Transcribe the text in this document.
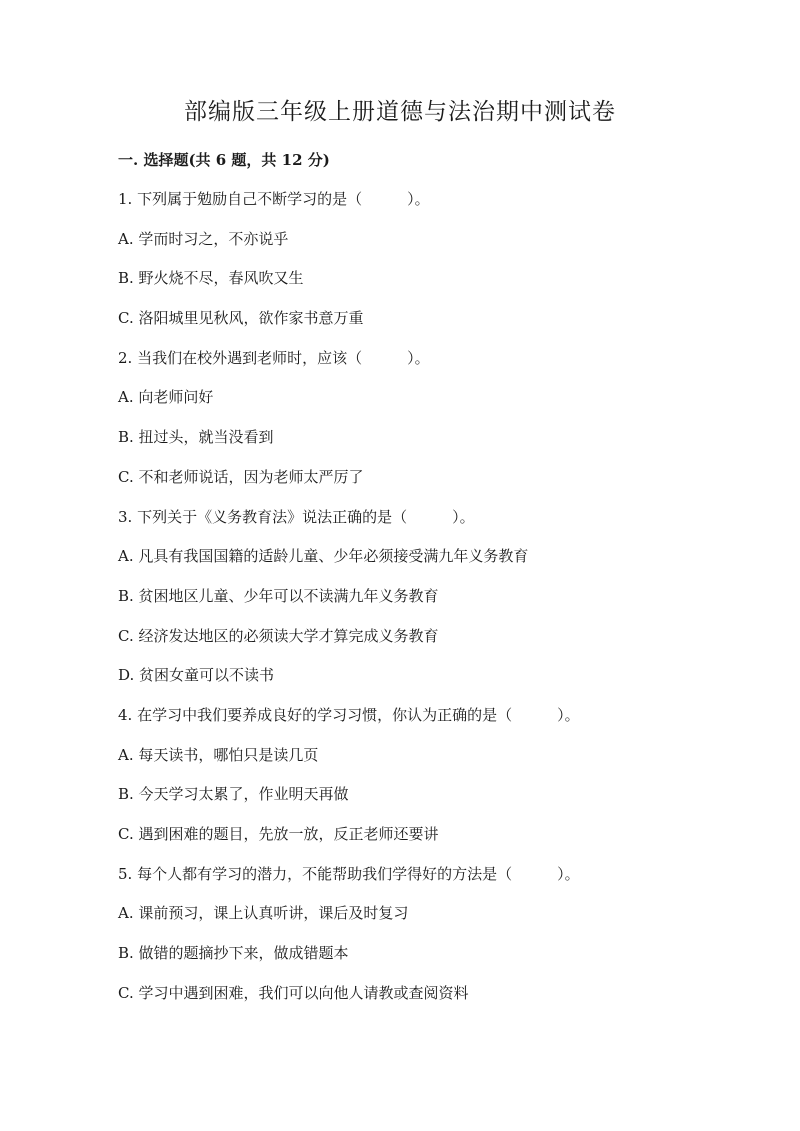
部编版三年级上册道德与法治期中测试卷

一. 选择题(共 6 题，共 12 分)

1. 下列属于勉励自己不断学习的是（　　　）。

A. 学而时习之，不亦说乎

B. 野火烧不尽，春风吹又生

C. 洛阳城里见秋风，欲作家书意万重

2. 当我们在校外遇到老师时，应该（　　　）。

A. 向老师问好

B. 扭过头，就当没看到

C. 不和老师说话，因为老师太严厉了

3. 下列关于《义务教育法》说法正确的是（　　　）。

A. 凡具有我国国籍的适龄儿童、少年必须接受满九年义务教育

B. 贫困地区儿童、少年可以不读满九年义务教育

C. 经济发达地区的必须读大学才算完成义务教育

D. 贫困女童可以不读书

4. 在学习中我们要养成良好的学习习惯，你认为正确的是（　　　）。

A. 每天读书，哪怕只是读几页

B. 今天学习太累了，作业明天再做

C. 遇到困难的题目，先放一放，反正老师还要讲

5. 每个人都有学习的潜力，不能帮助我们学得好的方法是（　　　）。

A. 课前预习，课上认真听讲，课后及时复习

B. 做错的题摘抄下来，做成错题本

C. 学习中遇到困难，我们可以向他人请教或查阅资料
